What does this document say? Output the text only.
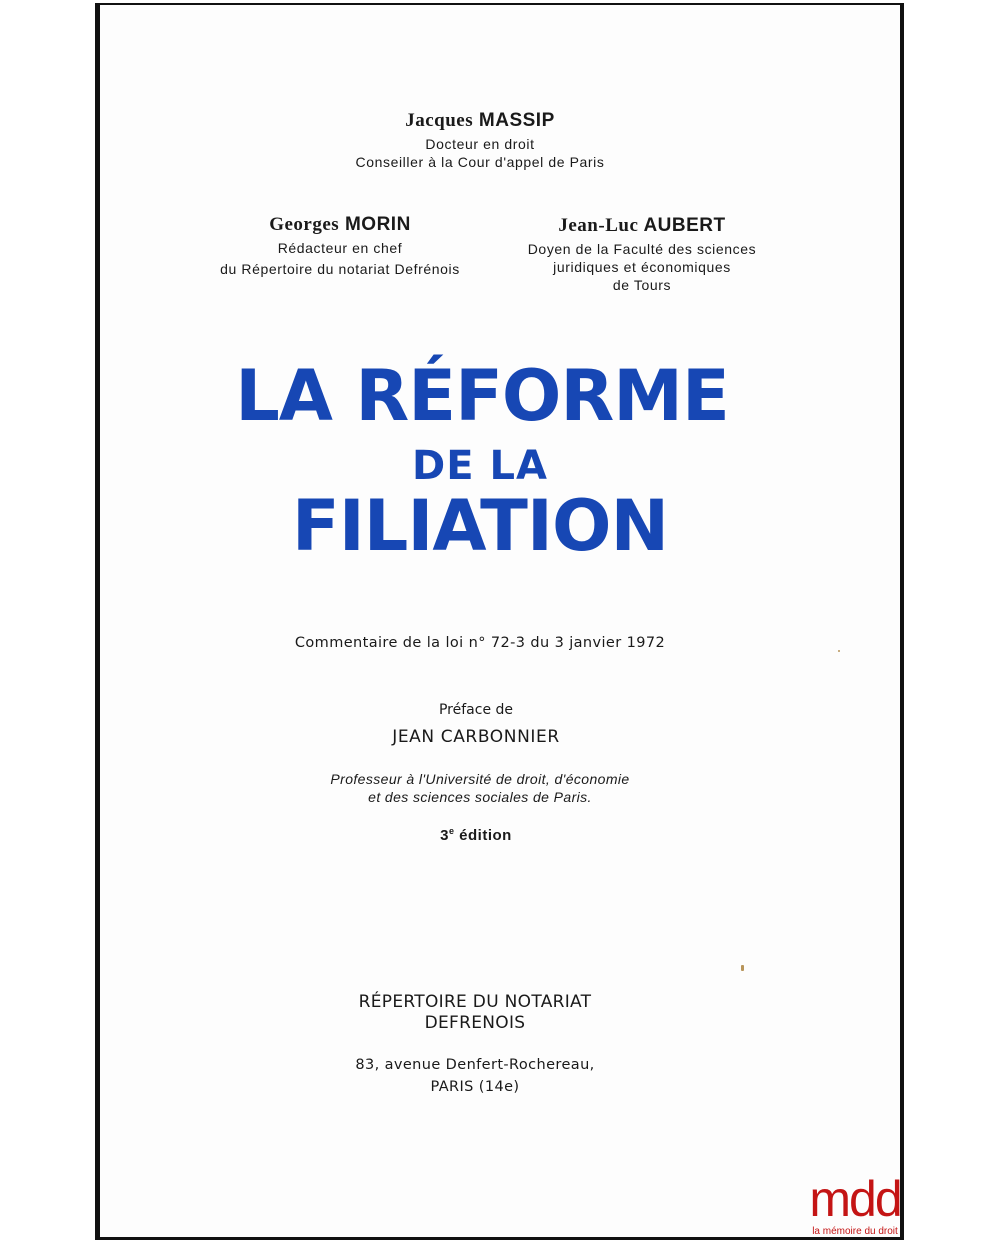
Jacques MASSIP
Docteur en droit
Conseiller à la Cour d'appel de Paris
Georges MORIN
Rédacteur en chef
du Répertoire du notariat Defrénois
Jean-Luc AUBERT
Doyen de la Faculté des sciences
juridiques et économiques
de Tours
LA RÉFORME
DE LA
FILIATION
Commentaire de la loi n° 72-3 du 3 janvier 1972
Préface de
JEAN CARBONNIER
Professeur à l'Université de droit, d'économie
et des sciences sociales de Paris.
3e édition
RÉPERTOIRE DU NOTARIAT
DEFRENOIS
83, avenue Denfert-Rochereau,
PARIS (14e)
mdd
la mémoire du droit
